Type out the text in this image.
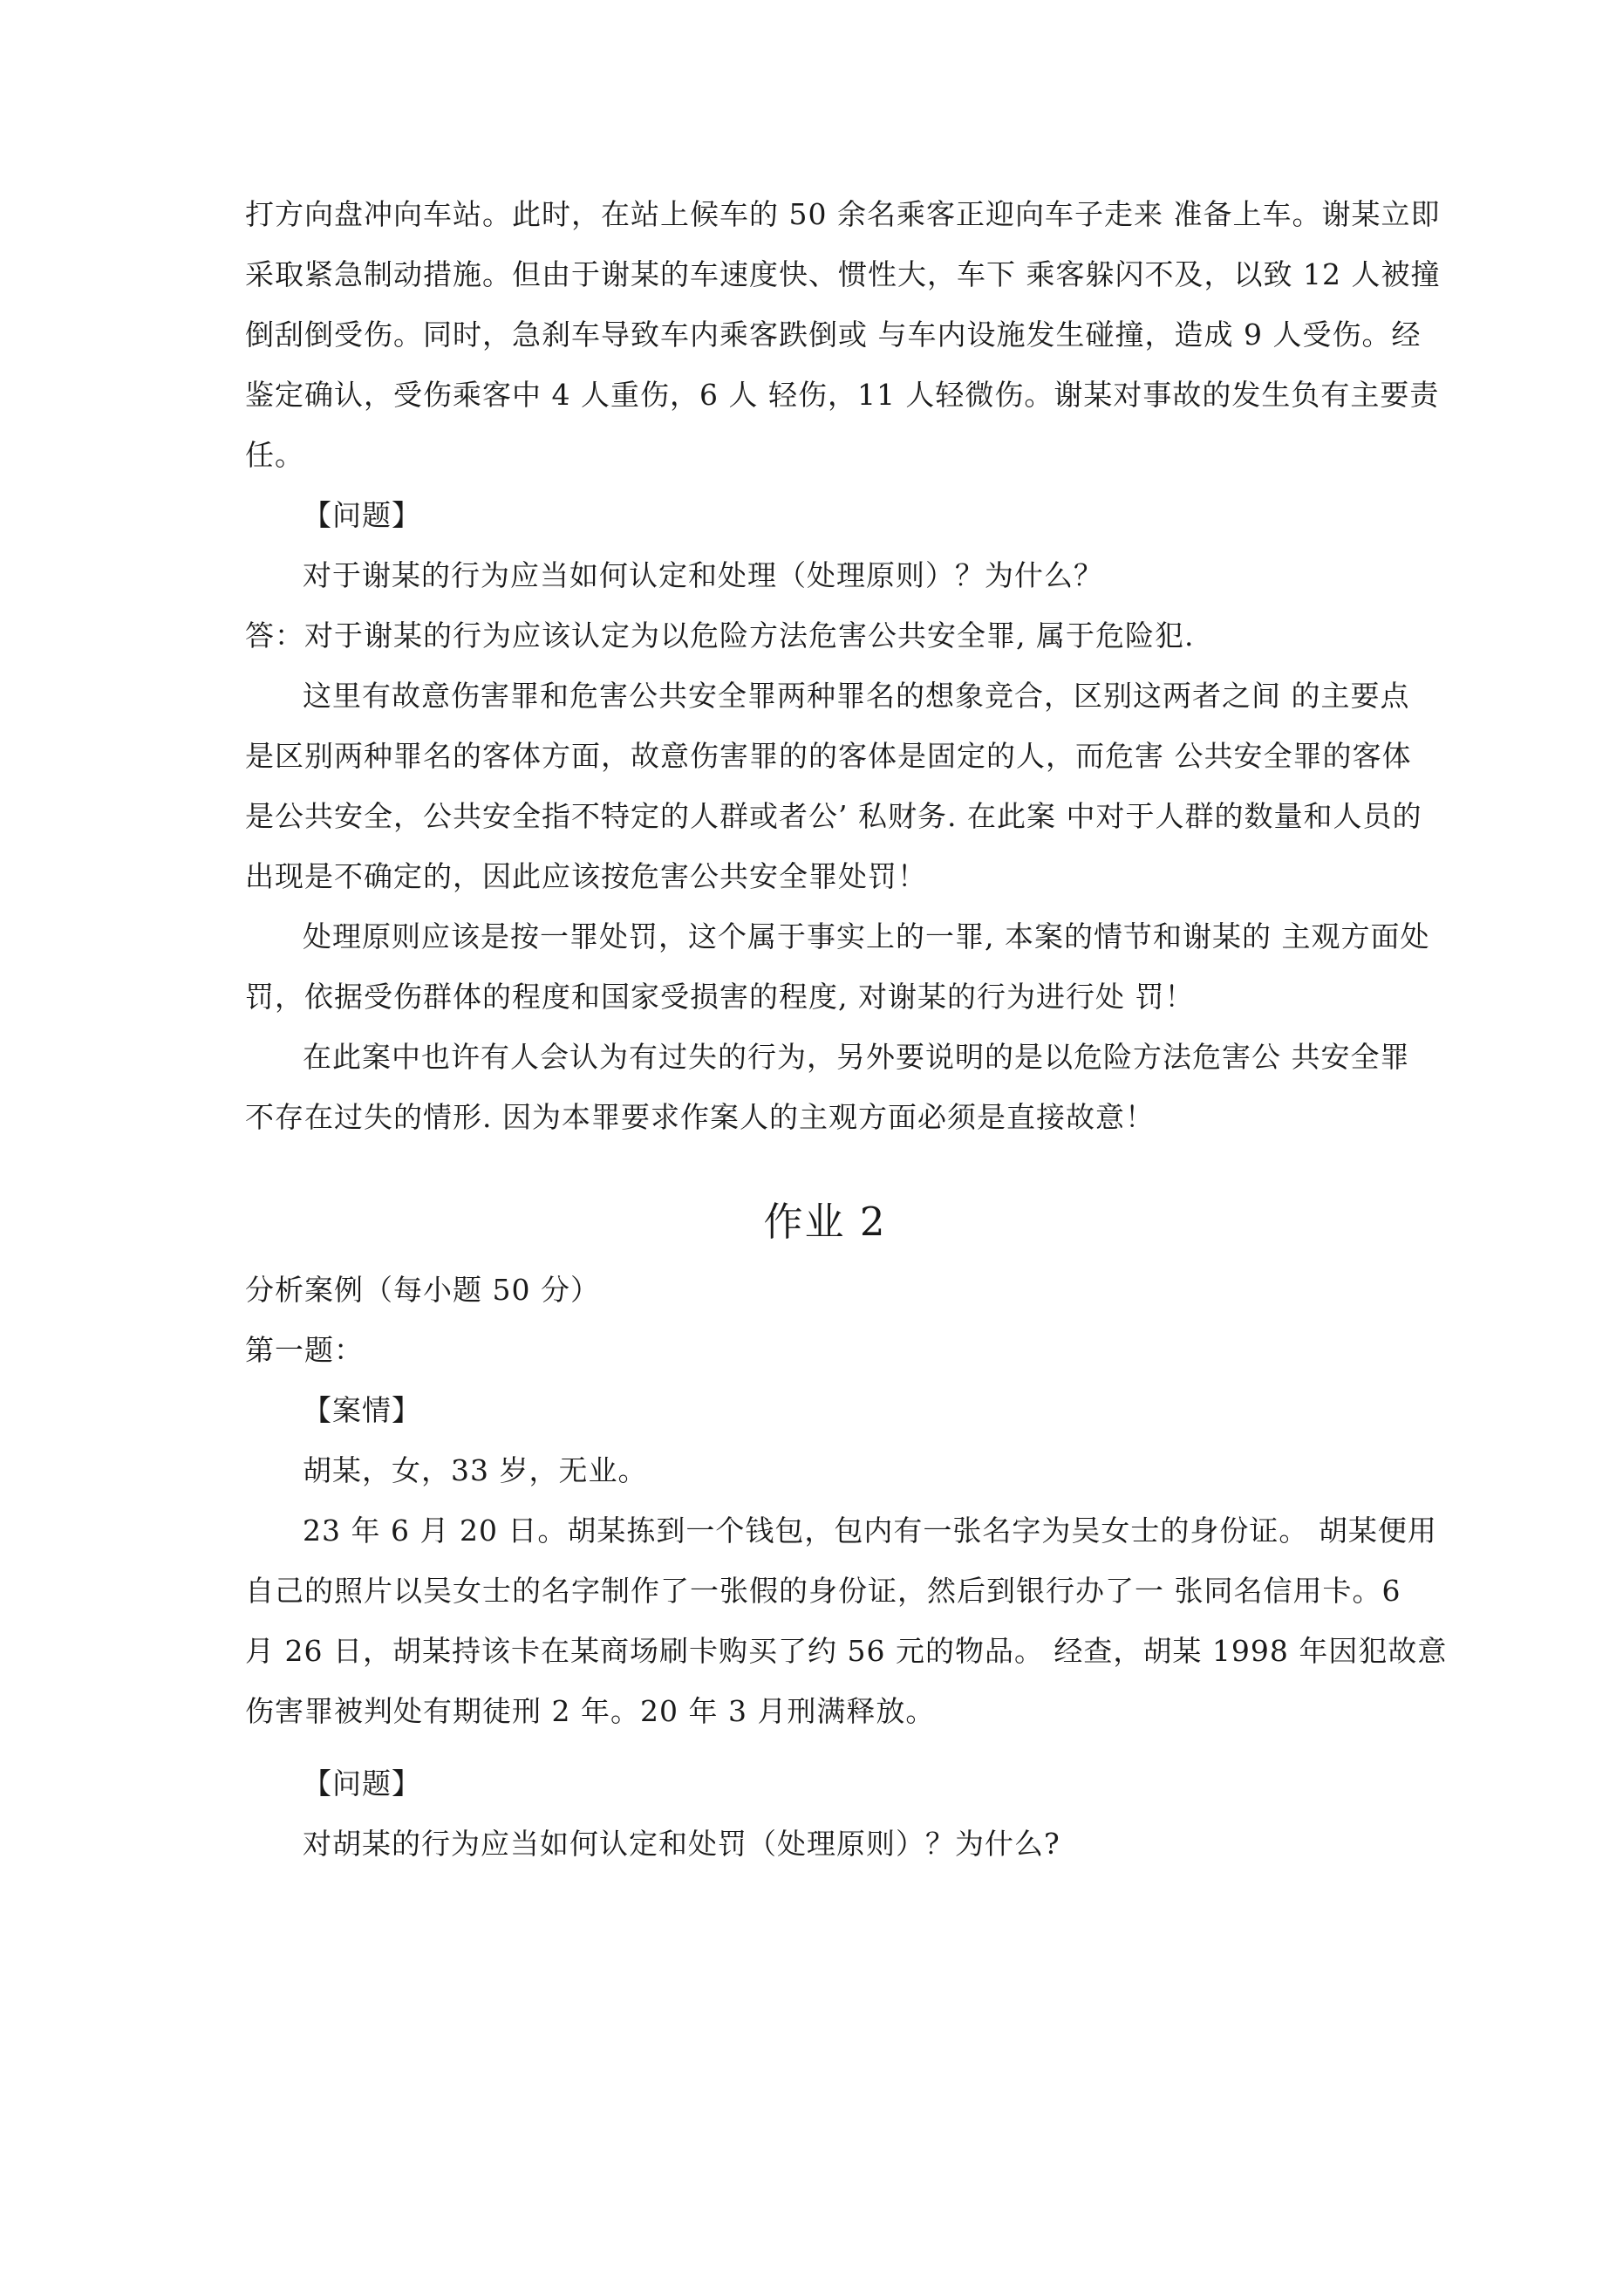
打方向盘冲向车站。此时，在站上候车的 50 余名乘客正迎向车子走来 准备上车。谢某立即
采取紧急制动措施。但由于谢某的车速度快、惯性大，车下 乘客躲闪不及，以致 12 人被撞
倒刮倒受伤。同时，急刹车导致车内乘客跌倒或 与车内设施发生碰撞，造成 9 人受伤。经
鉴定确认，受伤乘客中 4 人重伤，6 人 轻伤，11 人轻微伤。谢某对事故的发生负有主要责
任。
【问题】
对于谢某的行为应当如何认定和处理（处理原则）？为什么？
答：对于谢某的行为应该认定为以危险方法危害公共安全罪, 属于危险犯.
这里有故意伤害罪和危害公共安全罪两种罪名的想象竞合，区别这两者之间 的主要点
是区别两种罪名的客体方面，故意伤害罪的的客体是固定的人，而危害 公共安全罪的客体
是公共安全，公共安全指不特定的人群或者公’ 私财务. 在此案 中对于人群的数量和人员的
出现是不确定的，因此应该按危害公共安全罪处罚！
处理原则应该是按一罪处罚，这个属于事实上的一罪, 本案的情节和谢某的 主观方面处
罚，依据受伤群体的程度和国家受损害的程度, 对谢某的行为进行处 罚！
在此案中也许有人会认为有过失的行为，另外要说明的是以危险方法危害公 共安全罪
不存在过失的情形. 因为本罪要求作案人的主观方面必须是直接故意！
作业 2
分析案例（每小题 50 分）
第一题：
【案情】
胡某，女，33 岁，无业。
23 年 6 月 20 日。胡某拣到一个钱包，包内有一张名字为吴女士的身份证。 胡某便用
自己的照片以吴女士的名字制作了一张假的身份证，然后到银行办了一 张同名信用卡。6
月 26 日，胡某持该卡在某商场刷卡购买了约 56 元的物品。 经查，胡某 1998 年因犯故意
伤害罪被判处有期徒刑 2 年。20 年 3 月刑满释放。
【问题】
对胡某的行为应当如何认定和处罚（处理原则）？为什么?
